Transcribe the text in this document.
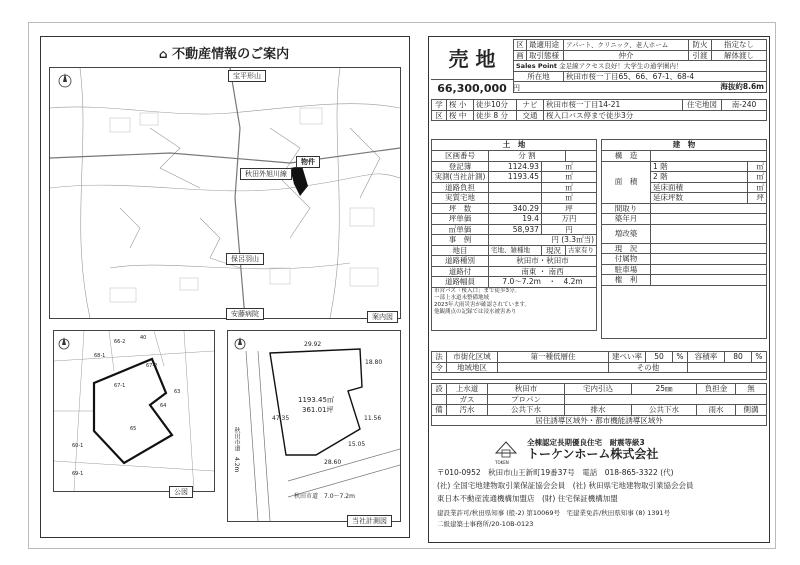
⌂ 不動産情報のご案内
宝平形山
秋田外旭川線
保呂羽山
安藤病院
物件
案内図
66-2
40
68-1
67-2
67-1
65
63
64
60-1
69-1
公図
29.92
18.80
11.56
15.05
28.60
47.35
1193.45㎡
361.01坪
秋田市道　4.2m
秋田市道　7.0〜7.2m
当社計測図
売 地
66,300,000 円
区	最適用途	アパート、クリニック、老人ホーム	防火	指定なし
画	取引態様	仲介	引渡	解体渡し
Sales Point 金足線アクセス良好！大学生の通学圏内！				
所在地		秋田市桜一丁目65、66、67-1、68-4		
海抜約8.6m				
学	桜 小	徒歩10分	ナビ	秋田市桜一丁目14-21	住宅地図	南-240
区	桜 中	徒歩 8 分	交通	桜入口バス停まで徒歩3分		
土　地			
区画番号	分 割		
登記簿	1124.93	㎡	
実測(当社計測)	1193.45	㎡	
道路負担		㎡	
実質宅地		㎡	
坪　数	340.29	坪	
坪単価	19.4	万円	
㎡単価	58,937	円	
事　例	円 (3.3㎡当)		
地目	宅地、雑種地	現況	古家有り
道路種別	秋田市・秋田市		
道路付	南東 ・ 南西		
道路幅員	7.0〜7.2m　・　4.2m		

市営バス「桜入口」まで徒歩3分。
一部上水道未整備地域
2023年大雨災害が確認されています。
他観測点の記録では浸水被害あり			
建　物		
構　造		
面　積	1 階	㎡
	2 階	㎡
	延床面積	㎡
	延床坪数	坪
間取り		
築年月		
増改築		
現　況		
付属物		
駐車場		
権　利		

法	市街化区域	第一種低層住	建ぺい率	50	%	容積率	80	%
令	地域地区		その他					

設	上水道	秋田市	宅内引込	25㎜	負担金	無
	ガス	プロパン				
備	汚水	公共下水	排水	公共下水	雨水	側溝
居住誘導区域外・都市機能誘導区域外						
TOKEN
全棟認定長期優良住宅　耐震等級3
トーケンホーム株式会社
〒010-0952　秋田市山王新町19番37号　電話　018-865-3322 (代)
(社) 全国宅地建物取引業保証協会会員　(社) 秋田県宅地建物取引業協会会員
東日本不動産流通機構加盟店　(財) 住宅保証機構加盟
建設業許可/秋田県知事 (般-2) 第10069号　宅建業免許/秋田県知事 (8) 1391号
二級建築士事務所/20-10B-0123
